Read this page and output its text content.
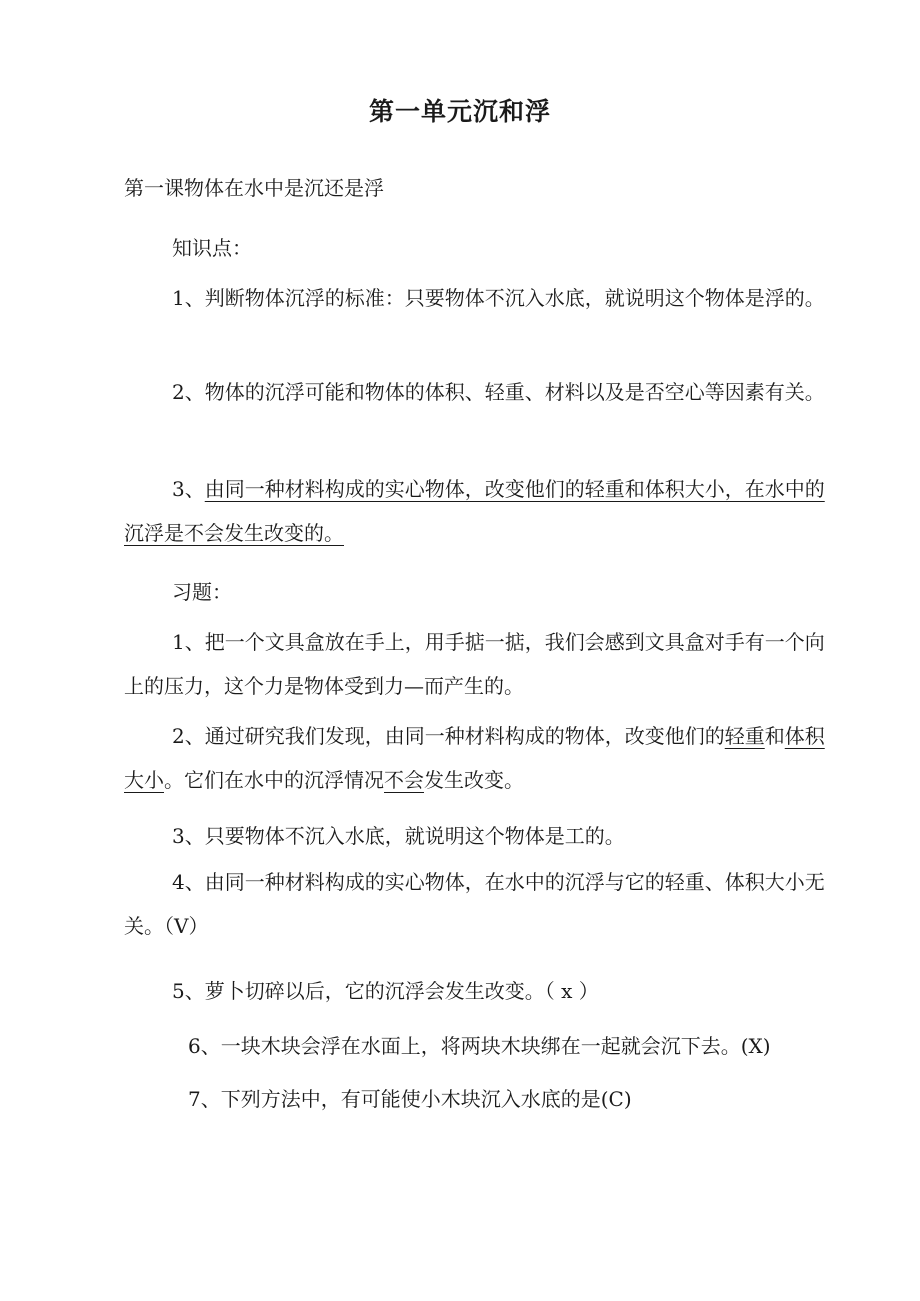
第一单元沉和浮
第一课物体在水中是沉还是浮
知识点：
1、判断物体沉浮的标准：只要物体不沉入水底，就说明这个物体是浮的。
2、物体的沉浮可能和物体的体积、轻重、材料以及是否空心等因素有关。
3、由同一种材料构成的实心物体，改变他们的轻重和体积大小，在水中的沉浮是不会发生改变的。
习题：
1、把一个文具盒放在手上，用手掂一掂，我们会感到文具盒对手有一个向上的压力，这个力是物体受到力—而产生的。
2、通过研究我们发现，由同一种材料构成的物体，改变他们的轻重和体积大小。它们在水中的沉浮情况不会发生改变。
3、只要物体不沉入水底，就说明这个物体是工的。
4、由同一种材料构成的实心物体，在水中的沉浮与它的轻重、体积大小无关。（V）
5、萝卜切碎以后，它的沉浮会发生改变。（ x ）
6、一块木块会浮在水面上，将两块木块绑在一起就会沉下去。(X)
7、下列方法中，有可能使小木块沉入水底的是(C)
